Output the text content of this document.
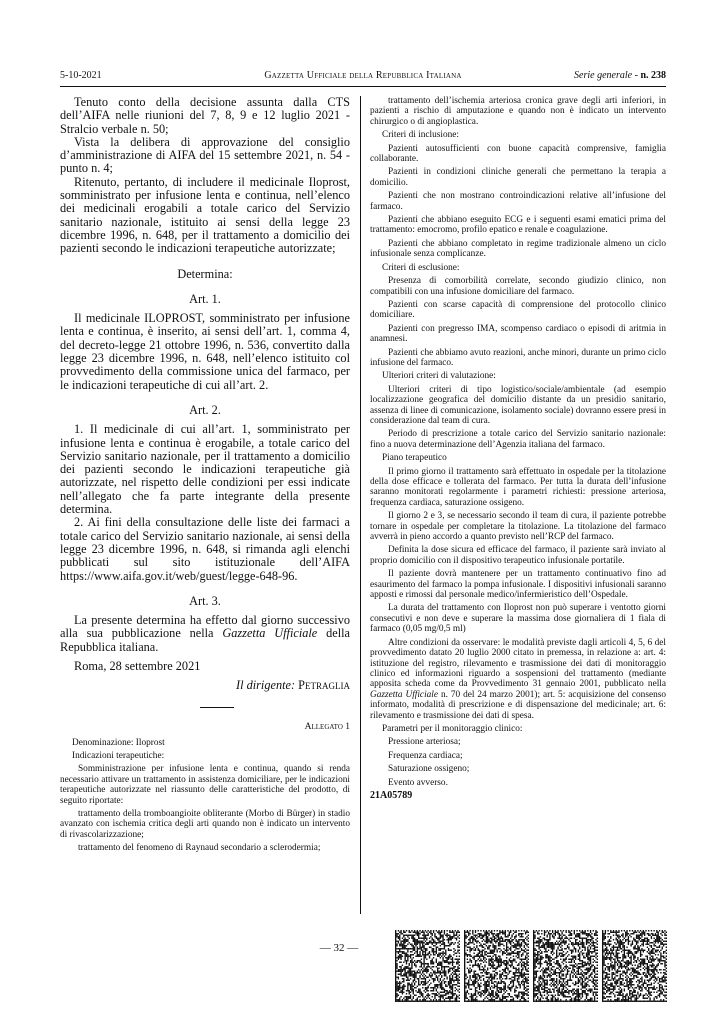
5-10-2021	Gazzetta Ufficiale della Repubblica Italiana	Serie generale - n. 238

Tenuto conto della decisione assunta dalla CTS dell’AIFA nelle riunioni del 7, 8, 9 e 12 luglio 2021 - Stralcio verbale n. 50;

Vista la delibera di approvazione del consiglio d’amministrazione di AIFA del 15 settembre 2021, n. 54 - punto n. 4;

Ritenuto, pertanto, di includere il medicinale Iloprost, somministrato per infusione lenta e continua, nell’elenco dei medicinali erogabili a totale carico del Servizio sanitario nazionale, istituito ai sensi della legge 23 dicembre 1996, n. 648, per il trattamento a domicilio dei pazienti secondo le indicazioni terapeutiche autorizzate;

Determina:

Art. 1.

Il medicinale ILOPROST, somministrato per infusione lenta e continua, è inserito, ai sensi dell’art. 1, comma 4, del decreto-legge 21 ottobre 1996, n. 536, convertito dalla legge 23 dicembre 1996, n. 648, nell’elenco istituito col provvedimento della commissione unica del farmaco, per le indicazioni terapeutiche di cui all’art. 2.

Art. 2.

1. Il medicinale di cui all’art. 1, somministrato per infusione lenta e continua è erogabile, a totale carico del Servizio sanitario nazionale, per il trattamento a domicilio dei pazienti secondo le indicazioni terapeutiche già autorizzate, nel rispetto delle condizioni per essi indicate nell’allegato che fa parte integrante della presente determina.

2. Ai fini della consultazione delle liste dei farmaci a totale carico del Servizio sanitario nazionale, ai sensi della legge 23 dicembre 1996, n. 648, si rimanda agli elenchi pubblicati sul sito istituzionale dell’AIFA https://www.aifa.gov.it/web/guest/legge-648-96.

Art. 3.

La presente determina ha effetto dal giorno successivo alla sua pubblicazione nella Gazzetta Ufficiale della Repubblica italiana.

Roma, 28 settembre 2021

Il dirigente: Petraglia

Allegato 1

Denominazione: Iloprost

Indicazioni terapeutiche:

Somministrazione per infusione lenta e continua, quando si renda necessario attivare un trattamento in assistenza domiciliare, per le indicazioni terapeutiche autorizzate nel riassunto delle caratteristiche del prodotto, di seguito riportate:

trattamento della tromboangioite obliterante (Morbo di Bürger) in stadio avanzato con ischemia critica degli arti quando non è indicato un intervento di rivascolarizzazione;

trattamento del fenomeno di Raynaud secondario a sclerodermia;

trattamento dell’ischemia arteriosa cronica grave degli arti inferiori, in pazienti a rischio di amputazione e quando non è indicato un intervento chirurgico o di angioplastica.

Criteri di inclusione:

Pazienti autosufficienti con buone capacità comprensive, famiglia collaborante.

Pazienti in condizioni cliniche generali che permettano la terapia a domicilio.

Pazienti che non mostrano controindicazioni relative all’infusione del farmaco.

Pazienti che abbiano eseguito ECG e i seguenti esami ematici prima del trattamento: emocromo, profilo epatico e renale e coagulazione.

Pazienti che abbiano completato in regime tradizionale almeno un ciclo infusionale senza complicanze.

Criteri di esclusione:

Presenza di comorbilità correlate, secondo giudizio clinico, non compatibili con una infusione domiciliare del farmaco.

Pazienti con scarse capacità di comprensione del protocollo clinico domiciliare.

Pazienti con pregresso IMA, scompenso cardiaco o episodi di aritmia in anamnesi.

Pazienti che abbiamo avuto reazioni, anche minori, durante un primo ciclo infusione del farmaco.

Ulteriori criteri di valutazione:

Ulteriori criteri di tipo logistico/sociale/ambientale (ad esempio localizzazione geografica del domicilio distante da un presidio sanitario, assenza di linee di comunicazione, isolamento sociale) dovranno essere presi in considerazione dal team di cura.

Periodo di prescrizione a totale carico del Servizio sanitario nazionale: fino a nuova determinazione dell’Agenzia italiana del farmaco.

Piano terapeutico

Il primo giorno il trattamento sarà effettuato in ospedale per la titolazione della dose efficace e tollerata del farmaco. Per tutta la durata dell’infusione saranno monitorati regolarmente i parametri richiesti: pressione arteriosa, frequenza cardiaca, saturazione ossigeno.

Il giorno 2 e 3, se necessario secondo il team di cura, il paziente potrebbe tornare in ospedale per completare la titolazione. La titolazione del farmaco avverrà in pieno accordo a quanto previsto nell’RCP del farmaco.

Definita la dose sicura ed efficace del farmaco, il paziente sarà inviato al proprio domicilio con il dispositivo terapeutico infusionale portatile.

Il paziente dovrà mantenere per un trattamento continuativo fino ad esaurimento del farmaco la pompa infusionale. I dispositivi infusionali saranno apposti e rimossi dal personale medico/infermieristico dell’Ospedale.

La durata del trattamento con Iloprost non può superare i ventotto giorni consecutivi e non deve e superare la massima dose giornaliera di 1 fiala di farmaco (0,05 mg/0,5 ml)

Altre condizioni da osservare: le modalità previste dagli articoli 4, 5, 6 del provvedimento datato 20 luglio 2000 citato in premessa, in relazione a: art. 4: istituzione del registro, rilevamento e trasmissione dei dati di monitoraggio clinico ed informazioni riguardo a sospensioni del trattamento (mediante apposita scheda come da Provvedimento 31 gennaio 2001, pubblicato nella Gazzetta Ufficiale n. 70 del 24 marzo 2001); art. 5: acquisizione del consenso informato, modalità di prescrizione e di dispensazione del medicinale; art. 6: rilevamento e trasmissione dei dati di spesa.

Parametri per il monitoraggio clinico:

Pressione arteriosa;

Frequenza cardiaca;

Saturazione ossigeno;

Evento avverso.

21A05789

— 32 —
